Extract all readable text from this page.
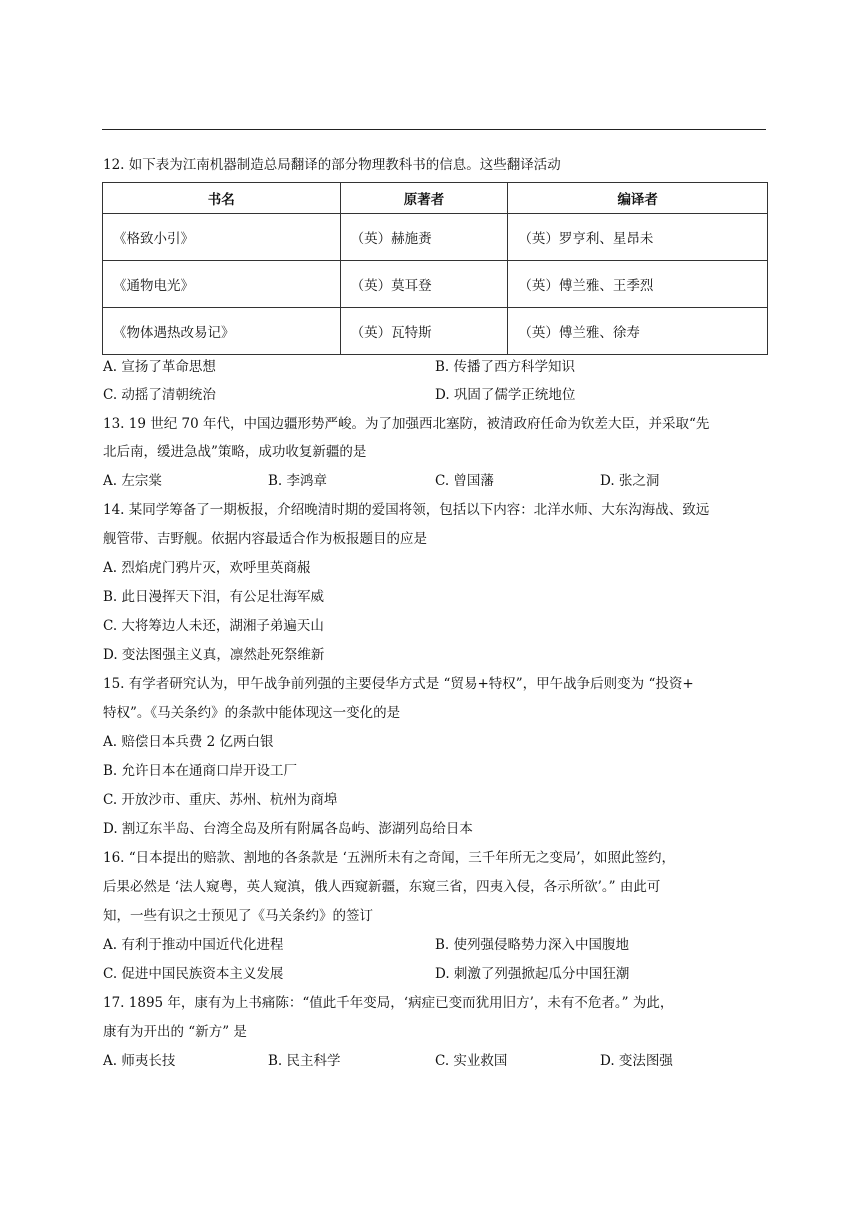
12. 如下表为江南机器制造总局翻译的部分物理教科书的信息。这些翻译活动
书名	原著者	编译者
《格致小引》	（英）赫施赉	（英）罗亨利、星昂未
《通物电光》	（英）莫耳登	（英）傅兰雅、王季烈
《物体遇热改易记》	（英）瓦特斯	（英）傅兰雅、徐寿
A. 宣扬了革命思想	B. 传播了西方科学知识
C. 动摇了清朝统治	D. 巩固了儒学正统地位
13. 19 世纪 70 年代，中国边疆形势严峻。为了加强西北塞防，被清政府任命为钦差大臣，并采取“先
北后南，缓进急战”策略，成功收复新疆的是
A. 左宗棠	B. 李鸿章	C. 曾国藩	D. 张之洞
14. 某同学筹备了一期板报，介绍晚清时期的爱国将领，包括以下内容：北洋水师、大东沟海战、致远
舰管带、吉野舰。依据内容最适合作为板报题目的应是
A. 烈焰虎门鸦片灭，欢呼里英商赧
B. 此日漫挥天下泪，有公足壮海军威
C. 大将筹边人未还，湖湘子弟遍天山
D. 变法图强主义真，凛然赴死祭维新
15. 有学者研究认为，甲午战争前列强的主要侵华方式是 “贸易+特权”，甲午战争后则变为 “投资+
特权”。《马关条约》的条款中能体现这一变化的是
A. 赔偿日本兵费 2 亿两白银
B. 允许日本在通商口岸开设工厂
C. 开放沙市、重庆、苏州、杭州为商埠
D. 割辽东半岛、台湾全岛及所有附属各岛屿、澎湖列岛给日本
16. “日本提出的赔款、割地的各条款是 ‘五洲所未有之奇闻，三千年所无之变局’，如照此签约，
后果必然是 ‘法人窥粤，英人窥滇，俄人西窥新疆，东窥三省，四夷入侵，各示所欲’。” 由此可
知，一些有识之士预见了《马关条约》的签订
A. 有利于推动中国近代化进程	B. 使列强侵略势力深入中国腹地
C. 促进中国民族资本主义发展	D. 刺激了列强掀起瓜分中国狂潮
17. 1895 年，康有为上书痛陈：“值此千年变局，‘病症已变而犹用旧方’，未有不危者。” 为此，
康有为开出的 “新方” 是
A. 师夷长技	B. 民主科学	C. 实业救国	D. 变法图强
